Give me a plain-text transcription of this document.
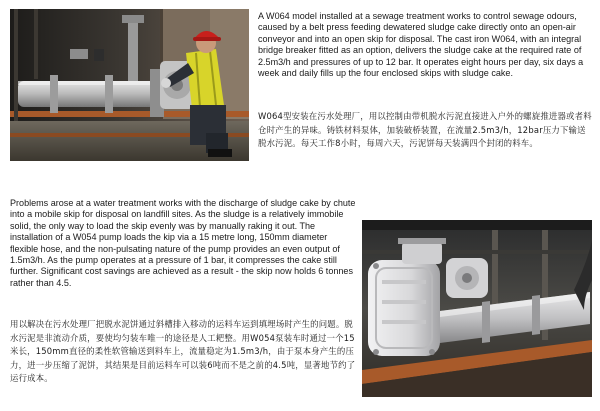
A W064 model installed at a sewage treatment works to control sewage odours, caused by a belt press feeding dewatered sludge cake directly onto an open-air conveyor and into an open skip for disposal. The cast iron W064, with an integral bridge breaker fitted as an option, delivers the sludge cake at the required rate of 2.5m3/h and pressures of up to 12 bar. It operates eight hours per day, six days a week and daily fills up the four enclosed skips with sludge cake.

W064型安装在污水处理厂，用以控制由带机脱水污泥直接进入户外的螺旋推进器或者料仓时产生的异味。铸铁材料泵体，加装破桥装置，在流量2.5m3/h，12bar压力下输送脱水污泥。每天工作8小时，每周六天，污泥饼每天装满四个封闭的料车。

Problems arose at a water treatment works with the discharge of sludge cake by chute into a mobile skip for disposal on landfill sites. As the sludge is a relatively immobile solid, the only way to load the skip evenly was by manually raking it out. The installation of a W054 pump loads the kip via a 15 metre long, 150mm diameter flexible hose, and the non-pulsating nature of the pump provides an even output of 1.5m3/h. As the pump operates at a pressure of 1 bar, it compresses the cake still further. Significant cost savings are achieved as a result - the skip now holds 6 tonnes rather than 4.5.

用以解决在污水处理厂把脱水泥饼通过斜槽排入移动的运料车运到填埋场时产生的问题。脱水污泥是非流动介质，要使均匀装车唯一的途径是人工耙整。用W054泵装车时通过一个15米长，150mm直径的柔性软管输送到料车上，流量稳定为1.5m3/h，由于泵本身产生的压力，进一步压缩了泥饼，其结果是目前运料车可以装6吨而不是之前的4.5吨，显著地节约了运行成本。
